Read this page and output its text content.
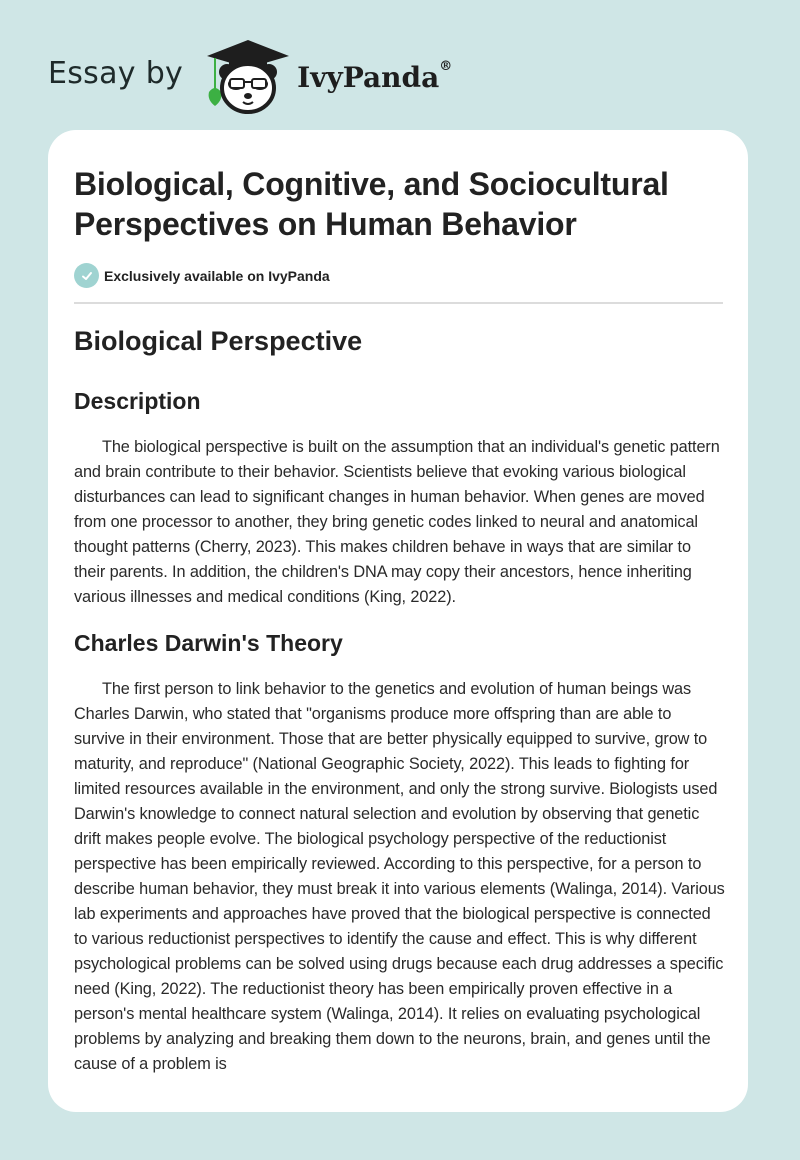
Essay by	IvyPanda®
Biological, Cognitive, and Sociocultural Perspectives on Human Behavior
Exclusively available on IvyPanda
Biological Perspective
Description

The biological perspective is built on the assumption that an individual's genetic pattern and brain contribute to their behavior. Scientists believe that evoking various biological disturbances can lead to significant changes in human behavior. When genes are moved from one processor to another, they bring genetic codes linked to neural and anatomical thought patterns (Cherry, 2023). This makes children behave in ways that are similar to their parents. In addition, the children's DNA may copy their ancestors, hence inheriting various illnesses and medical conditions (King, 2022).

Charles Darwin's Theory

The first person to link behavior to the genetics and evolution of human beings was Charles Darwin, who stated that "organisms produce more offspring than are able to survive in their environment. Those that are better physically equipped to survive, grow to maturity, and reproduce" (National Geographic Society, 2022). This leads to fighting for limited resources available in the environment, and only the strong survive. Biologists used Darwin's knowledge to connect natural selection and evolution by observing that genetic drift makes people evolve. The biological psychology perspective of the reductionist perspective has been empirically reviewed. According to this perspective, for a person to describe human behavior, they must break it into various elements (Walinga, 2014). Various lab experiments and approaches have proved that the biological perspective is connected to various reductionist perspectives to identify the cause and effect. This is why different psychological problems can be solved using drugs because each drug addresses a specific need (King, 2022). The reductionist theory has been empirically proven effective in a person's mental healthcare system (Walinga, 2014). It relies on evaluating psychological problems by analyzing and breaking them down to the neurons, brain, and genes until the cause of a problem is
